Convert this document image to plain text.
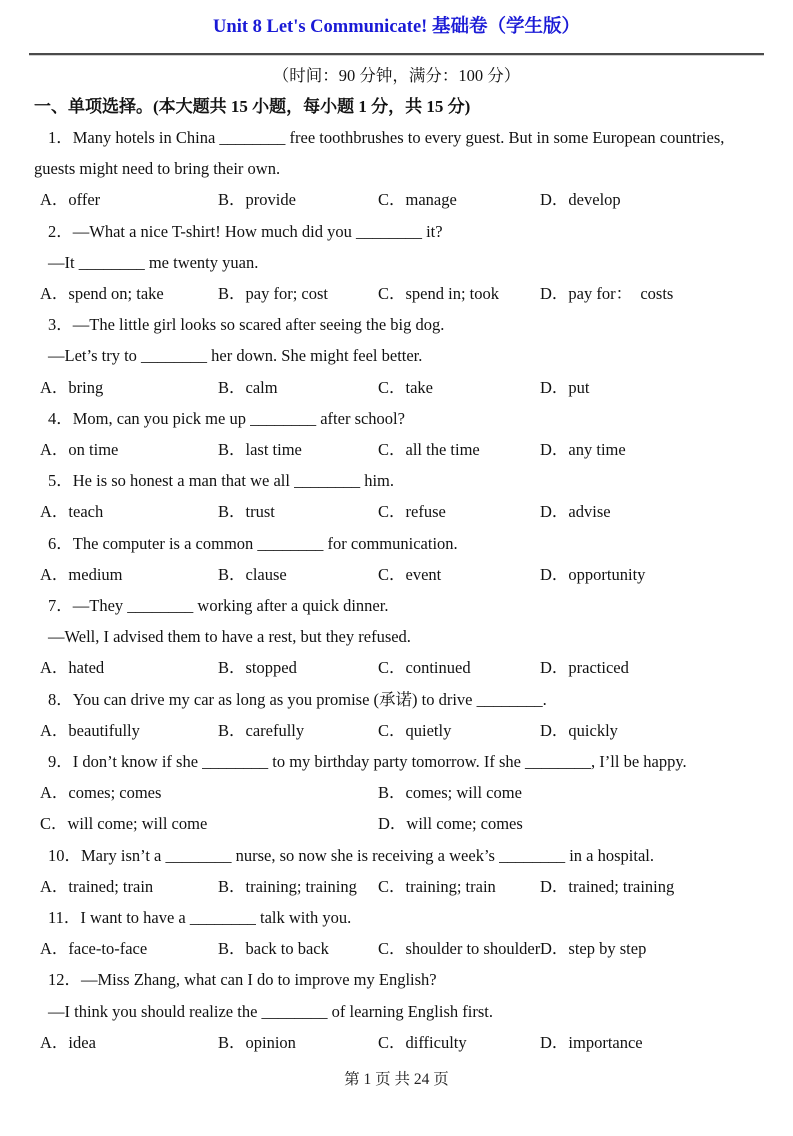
Unit 8 Let's Communicate! 基础卷（学生版）
（时间：90 分钟，满分：100 分）
一、单项选择。(本大题共 15 小题，每小题 1 分，共 15 分)
1．Many hotels in China ________ free toothbrushes to every guest. But in some European countries,
guests might need to bring their own.
A．offer	B．provide	C．manage	D．develop
2．—What a nice T-shirt! How much did you ________ it?
—It ________ me twenty yuan.
A．spend on; take	B．pay for; cost	C．spend in; took	D．pay for：  costs
3．—The little girl looks so scared after seeing the big dog.
—Let’s try to ________ her down. She might feel better.
A．bring	B．calm	C．take	D．put
4．Mom, can you pick me up ________ after school?
A．on time	B．last time	C．all the time	D．any time
5．He is so honest a man that we all ________ him.
A．teach	B．trust	C．refuse	D．advise
6．The computer is a common ________ for communication.
A．medium	B．clause	C．event	D．opportunity
7．—They ________ working after a quick dinner.
—Well, I advised them to have a rest, but they refused.
A．hated	B．stopped	C．continued	D．practiced
8．You can drive my car as long as you promise (承诺) to drive ________.
A．beautifully	B．carefully	C．quietly	D．quickly
9．I don’t know if she ________ to my birthday party tomorrow. If she ________, I’ll be happy.
A．comes; comes	B．comes; will come
C．will come; will come	D．will come; comes
10．Mary isn’t a ________ nurse, so now she is receiving a week’s ________ in a hospital.
A．trained; train	B．training; training	C．training; train	D．trained; training
11．I want to have a ________ talk with you.
A．face-to-face	B．back to back	C．shoulder to shoulder D．step by step
12．—Miss Zhang, what can I do to improve my English?
—I think you should realize the ________ of learning English first.
A．idea	B．opinion	C．difficulty	D．importance
第 1 页 共 24 页
